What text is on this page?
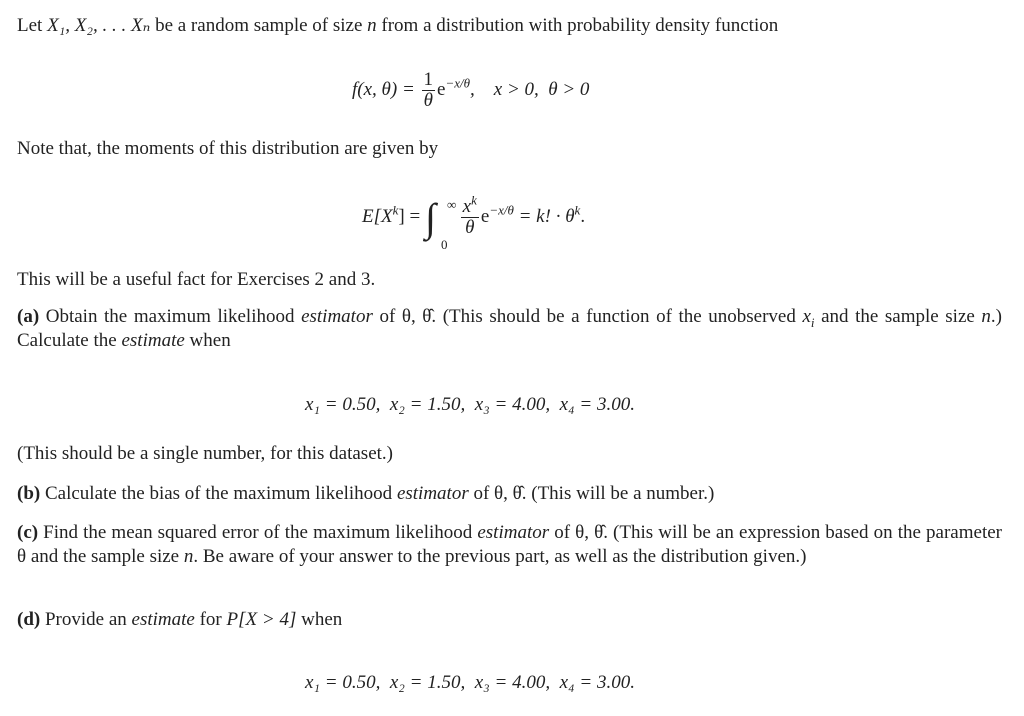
Let X₁, X₂, . . . Xₙ be a random sample of size n from a distribution with probability density function
f(x, $\theta) = \frac{1}{\theta} e^{-x/\theta}$,    x > 0,  θ > 0
Note that, the moments of this distribution are given by
$E[X^k]$ = ∫ ∞
0

$\frac{x^k}{\theta} e^{-x/\theta} = k$! · $\theta^k$.
This will be a useful fact for Exercises 2 and 3.
(a) Obtain the maximum likelihood estimator of θ, θ̂. (This should be a function of the unobserved $x_i$ and the sample size n.) Calculate the estimate when
x₁ = 0.50,  x₂ = 1.50,  x₃ = 4.00,  x₄ = 3.00.
(This should be a single number, for this dataset.)
(b) Calculate the bias of the maximum likelihood estimator of θ, θ̂. (This will be a number.)
(c) Find the mean squared error of the maximum likelihood estimator of θ, θ̂. (This will be an expression based on the parameter θ and the sample size n. Be aware of your answer to the previous part, as well as the distribution given.)
(d) Provide an estimate for P[X > 4] when
x₁ = 0.50,  x₂ = 1.50,  x₃ = 4.00,  x₄ = 3.00.
